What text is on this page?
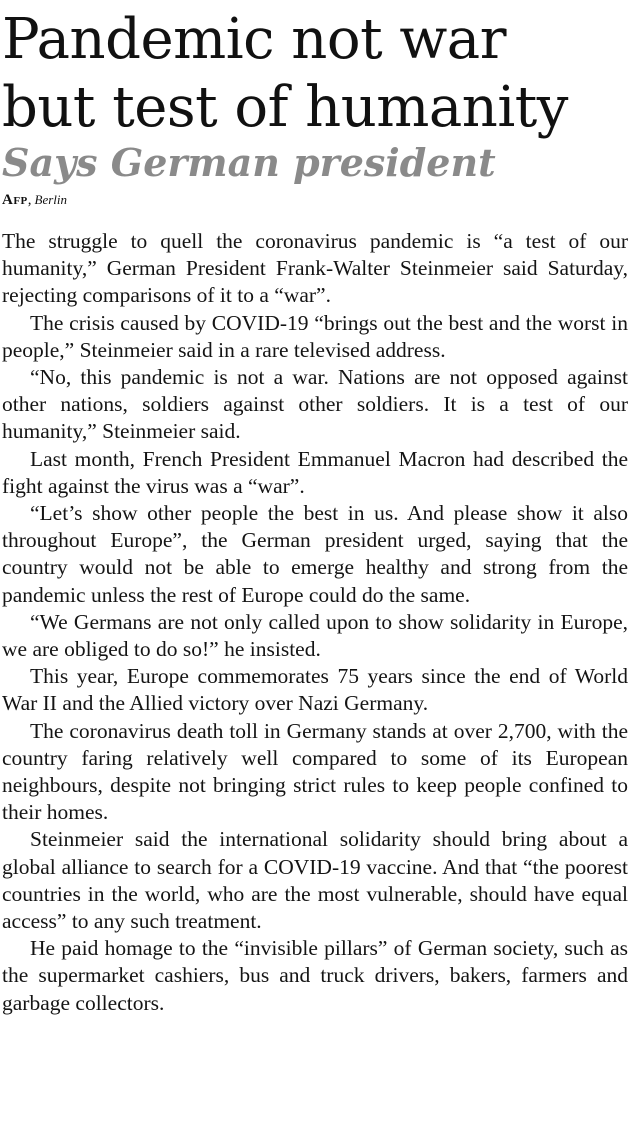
Pandemic not war
but test of humanity
Says German president
Afp, Berlin

The struggle to quell the coronavirus pandemic is “a test of our humanity,” German President Frank-Walter Steinmeier said Saturday, rejecting comparisons of it to a “war”.

The crisis caused by COVID-19 “brings out the best and the worst in people,” Steinmeier said in a rare televised address.

“No, this pandemic is not a war. Nations are not opposed against other nations, soldiers against other soldiers. It is a test of our humanity,” Steinmeier said.

Last month, French President Emmanuel Macron had described the fight against the virus was a “war”.

“Let’s show other people the best in us. And please show it also throughout Europe”, the German president urged, saying that the country would not be able to emerge healthy and strong from the pandemic unless the rest of Europe could do the same.

“We Germans are not only called upon to show solidarity in Europe, we are obliged to do so!” he insisted.

This year, Europe commemorates 75 years since the end of World War II and the Allied victory over Nazi Germany.

The coronavirus death toll in Germany stands at over 2,700, with the country faring relatively well compared to some of its European neighbours, despite not bringing strict rules to keep people confined to their homes.

Steinmeier said the international solidarity should bring about a global alliance to search for a COVID-19 vaccine. And that “the poorest countries in the world, who are the most vulnerable, should have equal access” to any such treatment.

He paid homage to the “invisible pillars” of German society, such as the supermarket cashiers, bus and truck drivers, bakers, farmers and garbage collectors.
